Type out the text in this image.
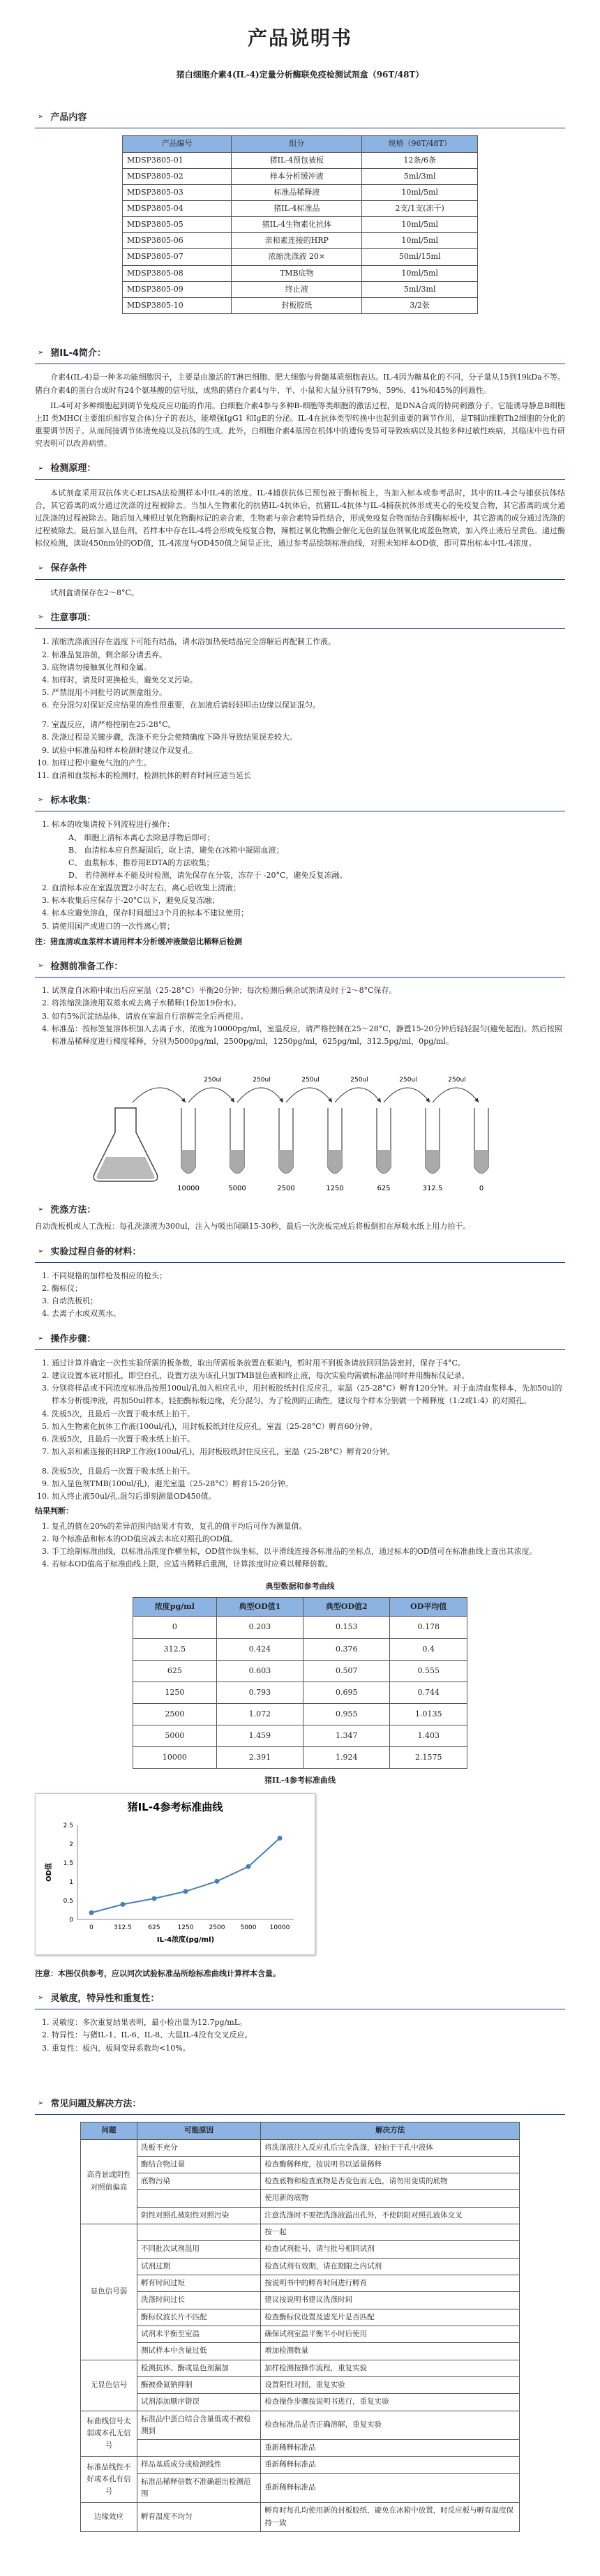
产品说明书
猪白细胞介素4(IL-4)定量分析酶联免疫检测试剂盒（96T/48T）
➢ 产品内容
产品编号	组分	规格（96T/48T）
MDSP3805-01	猪IL-4预包被板	12条/6条
MDSP3805-02	样本分析缓冲液	5ml/3ml
MDSP3805-03	标准品稀释液	10ml/5ml
MDSP3805-04	猪IL-4标准品	2支/1支(冻干)
MDSP3805-05	猪IL-4生物素化抗体	10ml/5ml
MDSP3805-06	亲和素连接的HRP	10ml/5ml
MDSP3805-07	浓缩洗涤液 20×	50ml/15ml
MDSP3805-08	TMB底物	10ml/5ml
MDSP3805-09	终止液	5ml/3ml
MDSP3805-10	封板胶纸	3/2张
➢ 猪IL-4简介：

介素4(IL-4)是一种多功能细胞因子，主要是由激活的T淋巴细胞、肥大细胞与骨髓基质细胞表达。IL-4因为糖基化的不同，分子量从15到19kDa不等。猪白介素4的蛋白合成时有24个氨基酸的信号肽，成熟的猪白介素4与牛、羊、小鼠和大鼠分别有79%、59%、41%和45%的同源性。

IL-4可对多种细胞起到调节免疫反应功能的作用。白细胞介素4参与多种B-细胞等类细胞的激活过程，是DNA合成的协同刺激分子。它能诱导静息B细胞上II 类MHC(主要组织相容复合体)分子的表达，能增强IgG1 和IgE的分泌。IL-4在抗体类型转换中也起到重要的调节作用，是T辅助细胞Th2细胞的分化的重要调节因子。从而间接调节体液免疫以及抗体的生成。此外，白细胞介素4基因在机体中的遗传变异可导致疾病以及其他多种过敏性疾病，其临床中也有研究表明可以改善病情。

➢ 检测原理：

本试剂盒采用双抗体夹心ELISA法检测样本中IL-4的浓度。IL-4捕获抗体已预包被于酶标板上，当加入标本或参考品时，其中的IL-4会与捕获抗体结合，其它游离的成分通过洗涤的过程被除去。当加入生物素化的抗猪IL-4抗体后，抗猪IL-4抗体与IL-4捕获抗体形成夹心的免疫复合物，其它游离的成分通过洗涤的过程被除去。随后加入辣根过氧化物酶标记的亲合素，生物素与亲合素特异性结合，形成免疫复合物而结合到酶标板中，其它游离的成分通过洗涤的过程被除去。最后加入显色剂，若样本中存在IL-4将会形成免疫复合物，辣根过氧化物酶会催化无色的显色剂氧化成蓝色物质，加入终止液后呈黄色。通过酶标仪检测，读取450nm处的OD值，IL-4浓度与OD450值之间呈正比，通过参考品绘制标准曲线，对照未知样本OD值，即可算出标本中IL-4浓度。

➢ 保存条件

试剂盒请保存在2～8°C。

➢ 注意事项：
1. 浓缩洗涤液因存在温度下可能有结晶，请水浴加热使结晶完全溶解后再配制工作液。
2. 标准品复溶前，剩余部分请丢弃。
3. 底物请勿接触氧化剂和金属。
4. 加样时，请及时更换枪头，避免交叉污染。
5. 严禁混用不同批号的试剂盒组分。
6. 充分混匀对保证反应结果的准性很重要，在加液后请轻轻叩击边缘以保证混匀。
7. 室温反应，请严格控制在25-28°C。
8. 洗涤过程是关键步骤，洗涤不充分会使精确度下降并导致结果误差较大。
9. 试验中标准品和样本检测时建议作双复孔。
10. 加样过程中避免气泡的产生。
11. 血清和血浆标本的检测时，检测抗体的孵育时间应适当延长
➢ 标本收集：
1. 标本的收集请按下列流程进行操作：
A、 细胞上清标本离心去除悬浮物后即可；
B、 血清标本应自然凝固后，取上清，避免在冰箱中凝固血液；
C、 血浆标本，推荐用EDTA的方法收集；
D、 若待测样本不能及时检测，请先保存在分装，冻存于 -20°C，避免反复冻融。
2. 血清标本应在室温放置2小时左右，离心后收集上清液；
3. 标本收集后应保存于-20°C以下，避免反复冻融；
4. 标本应避免溶血，保存时间超过3个月的标本不建议使用；
5. 请使用国产或进口的一次性离心管；
注：猪血清或血浆样本请用样本分析缓冲液做倍比稀释后检测
➢ 检测前准备工作：
1. 试剂盒自冰箱中取出后应室温（25-28°C）平衡20分钟；每次检测后剩余试剂请及时于2～8°C保存。
2. 将浓缩洗涤液用双蒸水或去离子水稀释(1份加19份水)。
3. 如有5%沉淀结晶体，请放在室温自行溶解完全后再使用。
4. 标准品：按标签复溶体积加入去离子水，浓度为10000pg/ml，室温反应，请严格控制在25～28°C，静置15-20分钟后轻轻混匀(避免起泡)。然后按照标准品稀释度进行梯度稀释，分别为5000pg/ml，2500pg/ml，1250pg/ml，625pg/ml，312.5pg/ml，0pg/ml。
10000	5000
250ul
2500
250ul
1250
250ul
625
250ul
312.5
250ul
0
250ul
➢ 洗涤方法：

自动洗板机或人工洗板：每孔洗涤液为300ul，注入与吸出间隔15-30秒，最后一次洗板完成后将板倒扣在厚吸水纸上用力拍干。

➢ 实验过程自备的材料：
1. 不同规格的加样枪及相应的枪头；
2. 酶标仪；
3. 自动洗板机；
4. 去离子水或双蒸水。
➢ 操作步骤：
1. 通过计算并确定一次性实验所需的板条数，取出所需板条放置在框架内，暂时用不到板条请放回回箔袋密封，保存于4°C。
2. 建议设置本底对照孔，即空白孔，设置方法为该孔只加TMB显色液和终止液，每次实验均需做标准品同时并用酶标仪记录。
3. 分别将样品或不同浓度标准品按照100ul/孔加入相应孔中，用封板胶纸封住反应孔，室温（25-28°C）孵育120分钟。对于血清血浆样本，先加50ul的样本分析缓冲液，再加50ul样本，轻拍酶标板边缘，充分混匀。为了检测的正确性，建议每个样本分别做一个稀释度（1:2或1:4）的对照孔。
4. 洗板5次，且最后一次置于吸水纸上拍干。
5. 加入生物素化抗体工作液(100ul/孔)，用封板胶纸封住反应孔，室温（25-28°C）孵育60分钟。
6. 洗板5次，且最后一次置于吸水纸上拍干。
7. 加入亲和素连接的HRP工作液(100ul/孔)，用封板胶纸封住反应孔，室温（25-28°C）孵育20分钟。
8. 洗板5次，且最后一次置于吸水纸上拍干。
9. 加入显色剂TMB(100ul/孔)，避光室温（25-28°C）孵育15-20分钟。
10. 加入终止液50ul/孔,混匀后即刻测量OD450值。
结果判断：
1. 复孔的值在20%的差异范围内结果才有效，复孔的值平均后可作为测量值。
2. 每个标准品和标本的OD值应减去本底对照孔的OD值。
3. 手工绘制标准曲线，以标准品浓度作横坐标，OD值作纵坐标，以平滑线连接各标准品的坐标点，通过标本的OD值可在标准曲线上查出其浓度。
4. 若标本OD值高于标准曲线上限，应适当稀释后重测，计算浓度时应乘以稀释倍数。
典型数据和参考曲线			
浓度pg/ml	典型OD值1	典型OD值2	OD平均值
0	0.203	0.153	0.178
312.5	0.424	0.376	0.4
625	0.603	0.507	0.555
1250	0.793	0.695	0.744
2500	1.072	0.955	1.0135
5000	1.459	1.347	1.403
10000	2.391	1.924	2.1575
猪IL-4参考标准曲线
猪IL-4参考标准曲线
0
0.5
1
1.5
2
2.5
0	312.5	625	1250 2500 5000 10000
IL-4浓度(pg/ml)
OD值
注意：本图仅供参考，应以同次试验标准品所绘标准曲线计算样本含量。
➢ 灵敏度，特异性和重复性：
1. 灵敏度：多次重复结果表明，最小检出量为12.7pg/mL。
2. 特异性：与猪IL-1、IL-6、IL-8、大鼠IL-4没有交叉反应。
3. 重复性：板内、板间变异系数均<10%。
➢ 常见问题及解决方法：
问题	可能原因	解决方法
高背景或阴性对照值偏高	洗板不充分	将洗涤液注入反应孔后完全洗涤，轻拍于干孔中液体
	酶结合物过量	检查酶稀释度，按说明书以适量稀释
	底物污染	检查底物和检查底物是否变色而无色，请勿用变质的底物
		使用新的底物
	阴性对照孔被阳性对照污染	注意洗涤时不要把洗涤液溢出孔外，不使阴阳对照孔液体交叉
显色信号弱		按一起
	不同批次试剂混用	检查试剂批号，请与批号相同试剂
	试剂过期	检查试剂有效期，请在期限之内试剂
	孵育时间过短	按说明书中的孵育时间进行孵育
	洗涤时间过长	建议按说明书建议洗涤时间
	酶标仪波长片不匹配	检查酶标仪设置及滤光片是否匹配
	试剂未平衡至室温	确保试剂室温平衡半小时后使用
	测试样本中含量过低	增加检测数量
无显色信号	检测抗体、酶或显色剂漏加	加样检测按操作流程，重复实验
	酶被叠氮钠抑制	设置阳性对照，重复实验
	试剂添加顺序错误	检查操作步骤按说明书进行，重复实验
标曲线信号太弱或本孔无信号	标准品中蛋白结合含量低或不被检测到	检查标准品是否正确溶解，重复实验
		重新稀释标准品
标准品线性不好或本孔有信号	样品基质成分或检测线性	重新稀释标准品
	标准品稀释倍数不准确超出检测范围	重新稀释标准品
边缘效应	孵育温度不均匀	孵育时每孔均使用新的封板胶纸，避免在冰箱中放置，时反应板与孵育温度保持一致
